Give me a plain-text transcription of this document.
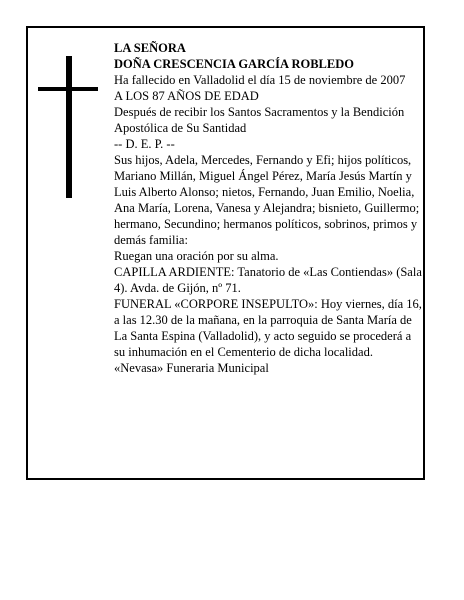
LA SEÑORA

DOÑA CRESCENCIA GARCÍA ROBLEDO

Ha fallecido en Valladolid el día 15 de noviembre de 2007

A LOS 87 AÑOS DE EDAD

Después de recibir los Santos Sacramentos y la Bendición Apostólica de Su Santidad

-- D. E. P. --

Sus hijos, Adela, Mercedes, Fernando y Efi; hijos políticos, Mariano Millán, Miguel Ángel Pérez, María Jesús Martín y Luis Alberto Alonso; nietos, Fernando, Juan Emilio, Noelia, Ana María, Lorena, Vanesa y Alejandra; bisnieto, Guillermo; hermano, Secundino; hermanos políticos, sobrinos, primos y demás familia:

Ruegan una oración por su alma.

CAPILLA ARDIENTE: Tanatorio de «Las Contiendas» (Sala 4). Avda. de Gijón, nº 71.

FUNERAL «CORPORE INSEPULTO»: Hoy viernes, día 16, a las 12.30 de la mañana, en la parroquia de Santa María de La Santa Espina (Valladolid), y acto seguido se procederá a su inhumación en el Cementerio de dicha localidad.

«Nevasa» Funeraria Municipal
